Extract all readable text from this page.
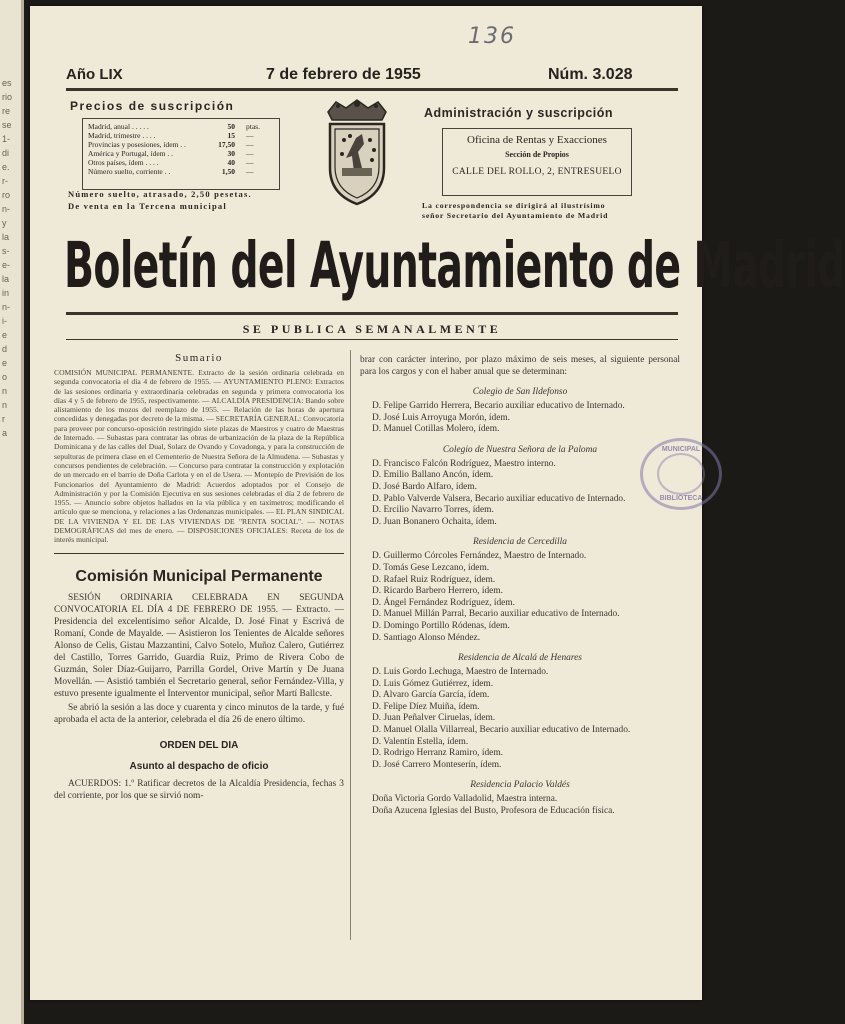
es
rio
re
se
1-
di
e.
r-
ro
n-
y
la
s-
e-
la
in
n-
i-
e
d
e
o
n
n
r
a
136
Año LIX	7 de febrero de 1955	Núm. 3.028
Precios de suscripción
Madrid, anual . . . . .	50	ptas.
Madrid, trimestre . . . .	15	—
Provincias y posesiones, ídem . .	17,50	—
América y Portugal, ídem . .	30	—
Otros países, ídem . . . .	40	—
Número suelto, corriente . .	1,50	—
Número suelto, atrasado, 2,50 pesetas.
De venta en la Tercena municipal
Administración y suscripción
Oficina de Rentas y Exacciones
Sección de Propios
CALLE DEL ROLLO, 2, ENTRESUELO
La correspondencia se dirigirá al ilustrísimo
señor Secretario del Ayuntamiento de Madrid
Boletín del Ayuntamiento de Madrid
SE PUBLICA SEMANALMENTE
Sumario
COMISIÓN MUNICIPAL PERMANENTE. Extracto de la sesión ordinaria celebrada en segunda convocatoria el día 4 de febrero de 1955. — AYUNTAMIENTO PLENO: Extractos de las sesiones ordinaria y extraordinaria celebradas en segunda y primera convocatoria los días 4 y 5 de febrero de 1955, respectivamente. — ALCALDÍA PRESIDENCIA: Bando sobre alistamiento de los mozos del reemplazo de 1955. — Relación de las horas de apertura concedidas y denegadas por decreto de la misma. — SECRETARÍA GENERAL: Convocatoria para proveer por concurso-oposición restringido siete plazas de Maestros y cuatro de Maestras de Internado. — Subastas para contratar las obras de urbanización de la plaza de la República Dominicana y de las calles del Dual, Solarz de Ovando y Covadonga, y para la construcción de sepulturas de primera clase en el Cementerio de Nuestra Señora de la Almudena. — Subastas y concursos pendientes de celebración. — Concurso para contratar la construcción y explotación de un mercado en el barrio de Doña Carlota y en el de Usera. — Montepío de Previsión de los Funcionarios del Ayuntamiento de Madrid: Acuerdos adoptados por el Consejo de Administración y por la Comisión Ejecutiva en sus sesiones celebradas el día 2 de febrero de 1955. — Anuncio sobre objetos hallados en la vía pública y en taxímetros; modificando el artículo que se menciona, y relaciones a las Ordenanzas municipales. — EL PLAN SINDICAL DE LA VIVIENDA Y EL DE LAS VIVIENDAS DE "RENTA SOCIAL". — NOTAS DEMOGRÁFICAS del mes de enero. — DISPOSICIONES OFICIALES: Receta de los de interés municipal.
Comisión Municipal Permanente
SESIÓN ORDINARIA CELEBRADA EN SEGUNDA CONVOCATORIA EL DÍA 4 DE FEBRERO DE 1955. — Extracto. — Presidencia del excelentísimo señor Alcalde, D. José Finat y Escrivá de Romaní, Conde de Mayalde. — Asistieron los Tenientes de Alcalde señores Alonso de Celis, Gistau Mazzantini, Calvo Sotelo, Muñoz Calero, Gutiérrez del Castillo, Torres Garrido, Guardia Ruiz, Primo de Rivera Cobo de Guzmán, Soler Díaz-Guijarro, Parrilla Gordel, Orive Martín y De Juana Movellán. — Asistió también el Secretario general, señor Fernández-Villa, y estuvo presente igualmente el Interventor municipal, señor Martí Ballcste.
Se abrió la sesión a las doce y cuarenta y cinco minutos de la tarde, y fué aprobada el acta de la anterior, celebrada el día 26 de enero último.
ORDEN DEL DIA
Asunto al despacho de oficio
ACUERDOS: 1.º Ratificar decretos de la Alcaldía Presidencia, fechas 3 del corriente, por los que se sirvió nom-
brar con carácter interino, por plazo máximo de seis meses, al siguiente personal para los cargos y con el haber anual que se determinan:
Colegio de San Ildefonso
D. Felipe Garrido Herrera, Becario auxiliar educativo de Internado.
D. José Luis Arroyuga Morón, ídem.
D. Manuel Cotillas Molero, ídem.
Colegio de Nuestra Señora de la Paloma
D. Francisco Falcón Rodríguez, Maestro interno.
D. Emilio Ballano Ancón, ídem.
D. José Bardo Alfaro, ídem.
D. Pablo Valverde Valsera, Becario auxiliar educativo de Internado.
D. Ercilio Navarro Torres, ídem.
D. Juan Bonanero Ochaita, ídem.
Residencia de Cercedilla
D. Guillermo Córcoles Fernández, Maestro de Internado.
D. Tomás Gese Lezcano, ídem.
D. Rafael Ruiz Rodríguez, ídem.
D. Ricardo Barbero Herrero, ídem.
D. Ángel Fernández Rodríguez, ídem.
D. Manuel Millán Parral, Becario auxiliar educativo de Internado.
D. Domingo Portillo Ródenas, ídem.
D. Santiago Alonso Méndez.
Residencia de Alcalá de Henares
D. Luis Gordo Lechuga, Maestro de Internado.
D. Luis Gómez Gutiérrez, ídem.
D. Alvaro García García, ídem.
D. Felipe Díez Muiña, ídem.
D. Juan Peñalver Ciruelas, ídem.
D. Manuel Olalla Villarreal, Becario auxiliar educativo de Internado.
D. Valentín Estella, ídem.
D. Rodrigo Herranz Ramiro, ídem.
D. José Carrero Monteserín, ídem.
Residencia Palacio Valdés
Doña Victoria Gordo Valladolid, Maestra interna.
Doña Azucena Iglesias del Busto, Profesora de Educación física.
MUNICIPAL
BIBLIOTECA
